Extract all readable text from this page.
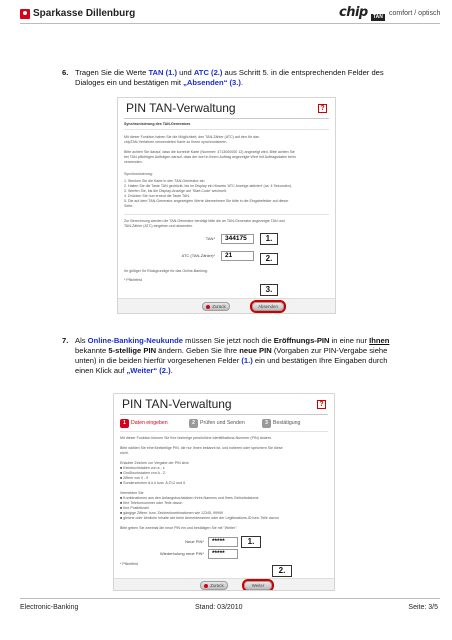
Sparkasse Dillenburg	chip	TAN comfort / optisch
6. Tragen Sie die Werte TAN (1.) und ATC (2.) aus Schritt 5. in die entsprechenden Felder des
Dialoges ein und bestätigen mit „Absenden“ (3.).
PIN TAN-Verwaltung	?
Synchronisierung des TAN-Generators
Mit dieser Funktion haben Sie die Möglichkeit, den TAN-Zähler (ATC) auf den für das
chipTAN-Verfahren verwendeten Karte zu Ihnen synchronisieren.
Bitte achten Sie darauf, dass die korrekte Karte (Nummer: 4713000000 12) angezeigt wird. Bitte achten Sie
bei TAN-pflichtigen Aufträgen darauf, dass der dort in Ihrem Auftrag angezeigte Wert mit Auftragsdaten beim
verwenden.
Synchronisierung:
1. Stecken Sie die Karte in den TAN-Generator ein.
2. Halten Sie die Taste TAN gedrückt, bis im Display ein Hinweis 'ATC Anzeige aktiviert' (ca. 4 Sekunden).
3. Werfen Sie, bis die Display-Anzeige auf 'Start-Code' wechselt.
4. Drücken Sie nun erneut die Taste TAN.
5. Die auf dem TAN-Generator angezeigten Werte übernehmen Sie bitte in die Eingabefelder auf dieser
Seite.
Zur Berechnung werden die TAN-Generator benötigt bitte die an TAN-Generator angezeigte TAN und
TAN-Zähler (ATC) eingeben und absenden.
TAN*	344175	1.
ATC (TAN-Zähler)*	21	2.
Ihr gültiger Ihr Rückgrundige für das Online-Banking.
* Pflichtfeld
3.
Zurück	Absenden
7. Als Online-Banking-Neukunde müssen Sie jetzt noch die Eröffnungs-PIN in eine nur Ihnen
bekannte 5-stellige PIN ändern. Geben Sie Ihre neue PIN (Vorgaben zur PIN-Vergabe siehe
unten) in die beiden hierfür vorgesehenen Felder (1.) ein und bestätigen Ihre Eingaben durch
einen Klick auf „Weiter“ (2.).
PIN TAN-Verwaltung	?
1 Daten eingeben	2 Prüfen und Senden	3 Bestätigung
Mit dieser Funktion können Sie Ihre bisherige persönliche Identifikations-Nummer (PIN) ändern.
Bitte wählen Sie eine fünfstellige PIN, die nur Ihnen bekannt ist, und notieren oder speichern Sie diese
nicht.
Erlaubte Zeichen zur Vergabe der PIN sind:
■ Kleinbuchstaben von a - z
■ Großbuchstaben von A - Z
■ Ziffern von 0 - 9
■ Sonderzeichen ä,ö,ü bzw. Ä,Ö,Ü und ß
Vermeiden Sie:
■ Kombinationen aus den Anfangsbuchstaben Ihres Namens und Ihres Geburtsdatums
■ Ihre Telefonnummer oder Teile davon
■ Ihre Postleitzahl
■ gängige Ziffern- bzw. Zeichenkombinationen wie 12345, 99999
■ gleiche oder ähnliche Inhalte wie beim Anmeldenamen oder der Legitimations-ID bzw. Teile davon
Bitte geben Sie zweimal die neue PIN ein und bestätigen Sie mit "Weiter".
Neue PIN*	*****
Wiederholung neue PIN*	*****
1.
* Pflichtfeld
2.
Zurück	Weiter
Electronic-Banking	Stand: 03/2010	Seite: 3/5
